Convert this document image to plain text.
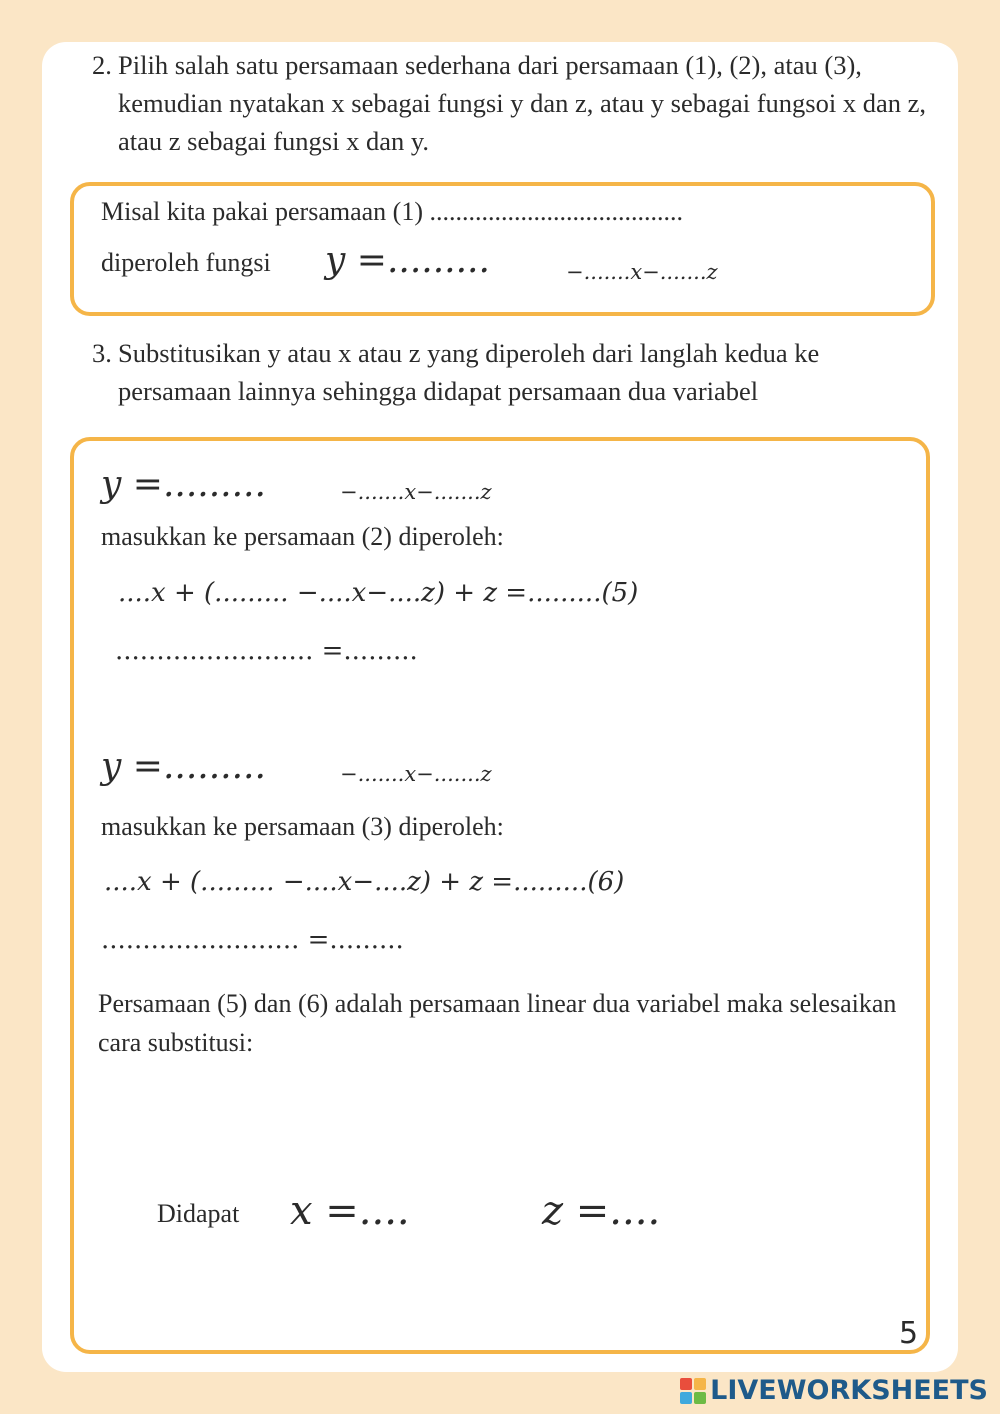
2. Pilih salah satu persamaan sederhana dari persamaan (1), (2), atau (3), kemudian nyatakan x sebagai fungsi y dan z, atau y sebagai fungsoi x dan z, atau z sebagai fungsi x dan y.
Misal kita pakai persamaan (1) .......................................
diperoleh fungsi y =.........	−.......x−.......z
3. Substitusikan y atau x atau z yang diperoleh dari langlah kedua ke persamaan lainnya sehingga didapat persamaan dua variabel
y =.........	−.......x−.......z
masukkan ke persamaan (2) diperoleh:
....x + (......... −....x−....z) + z =.........(5)
........................ =.........
y =.........	−.......x−.......z
masukkan ke persamaan (3) diperoleh:
....x + (......... −....x−....z) + z =.........(6)
........................ =.........
Persamaan (5) dan (6) adalah persamaan linear dua variabel maka selesaikan cara substitusi:
Didapat x =....	z =....
5
LIVEWORKSHEETS
